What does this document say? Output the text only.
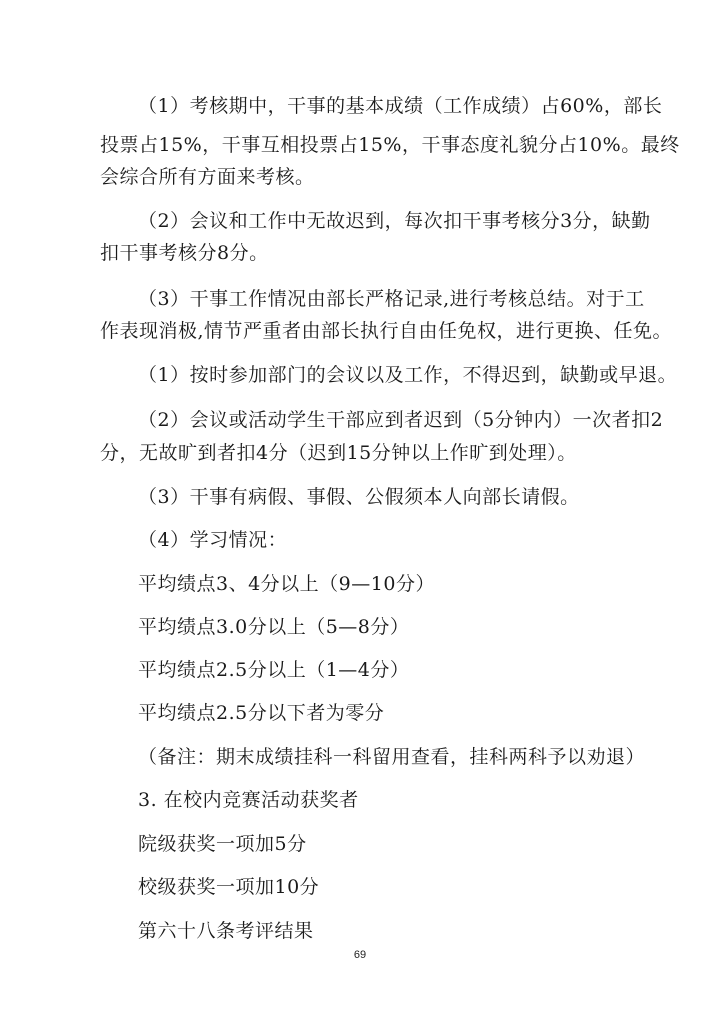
（1）考核期中，干事的基本成绩（工作成绩）占60%，部长
投票占15%，干事互相投票占15%，干事态度礼貌分占10%。最终
会综合所有方面来考核。
（2）会议和工作中无故迟到，每次扣干事考核分3分，缺勤
扣干事考核分8分。
（3）干事工作情况由部长严格记录,进行考核总结。对于工
作表现消极,情节严重者由部长执行自由任免权，进行更换、任免。
（1）按时参加部门的会议以及工作，不得迟到，缺勤或早退。
（2）会议或活动学生干部应到者迟到（5分钟内）一次者扣2
分，无故旷到者扣4分（迟到15分钟以上作旷到处理）。
（3）干事有病假、事假、公假须本人向部长请假。
（4）学习情况：
平均绩点3、4分以上（9—10分）
平均绩点3.0分以上（5—8分）
平均绩点2.5分以上（1—4分）
平均绩点2.5分以下者为零分
（备注：期末成绩挂科一科留用查看，挂科两科予以劝退）
3. 在校内竞赛活动获奖者
院级获奖一项加5分
校级获奖一项加10分
第六十八条考评结果
69
